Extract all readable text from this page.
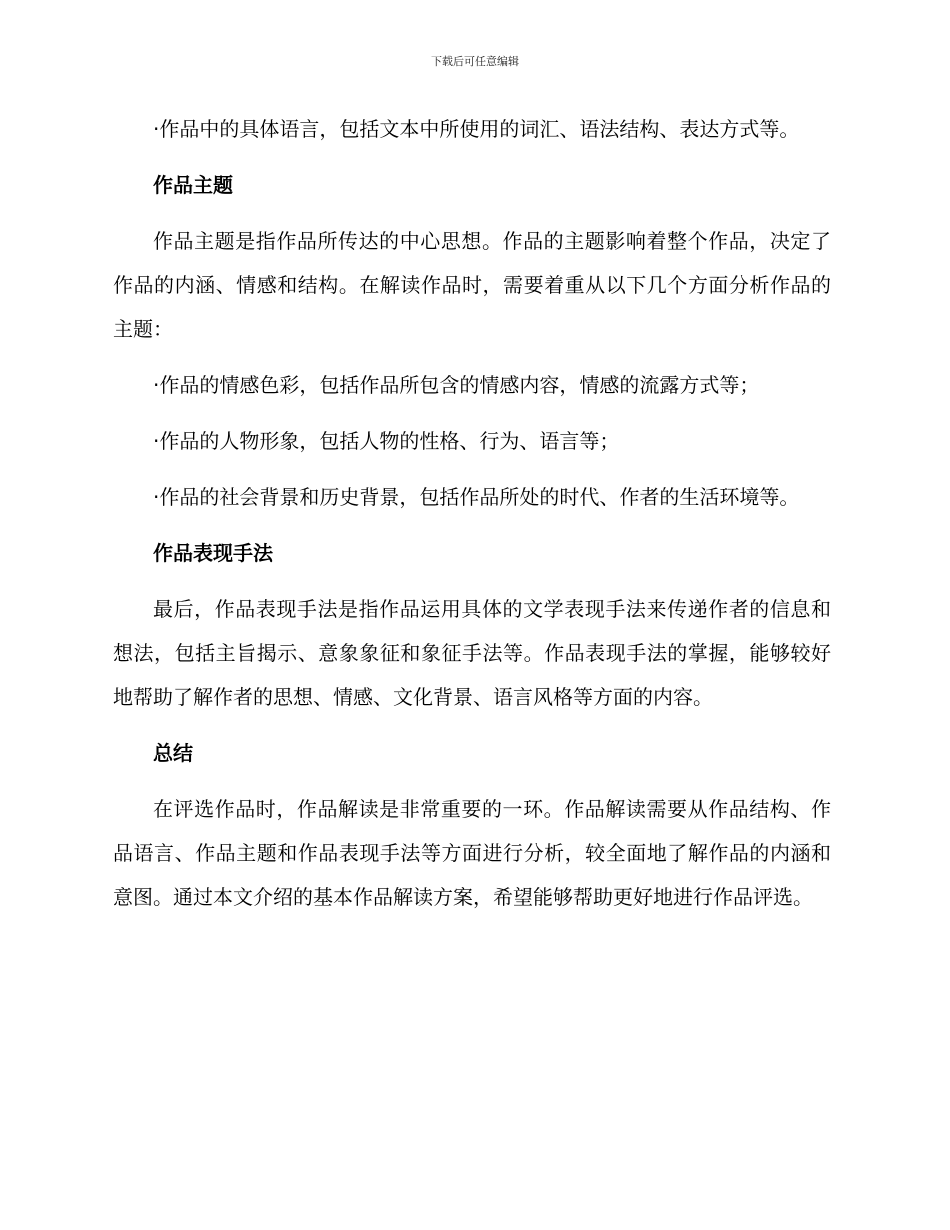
下载后可任意编辑

·作品中的具体语言，包括文本中所使用的词汇、语法结构、表达方式等。

作品主题

作品主题是指作品所传达的中心思想。作品的主题影响着整个作品，决定了作品的内涵、情感和结构。在解读作品时，需要着重从以下几个方面分析作品的主题：

·作品的情感色彩，包括作品所包含的情感内容，情感的流露方式等；

·作品的人物形象，包括人物的性格、行为、语言等；

·作品的社会背景和历史背景，包括作品所处的时代、作者的生活环境等。

作品表现手法

最后，作品表现手法是指作品运用具体的文学表现手法来传递作者的信息和想法，包括主旨揭示、意象象征和象征手法等。作品表现手法的掌握，能够较好地帮助了解作者的思想、情感、文化背景、语言风格等方面的内容。

总结

在评选作品时，作品解读是非常重要的一环。作品解读需要从作品结构、作品语言、作品主题和作品表现手法等方面进行分析，较全面地了解作品的内涵和意图。通过本文介绍的基本作品解读方案，希望能够帮助更好地进行作品评选。
